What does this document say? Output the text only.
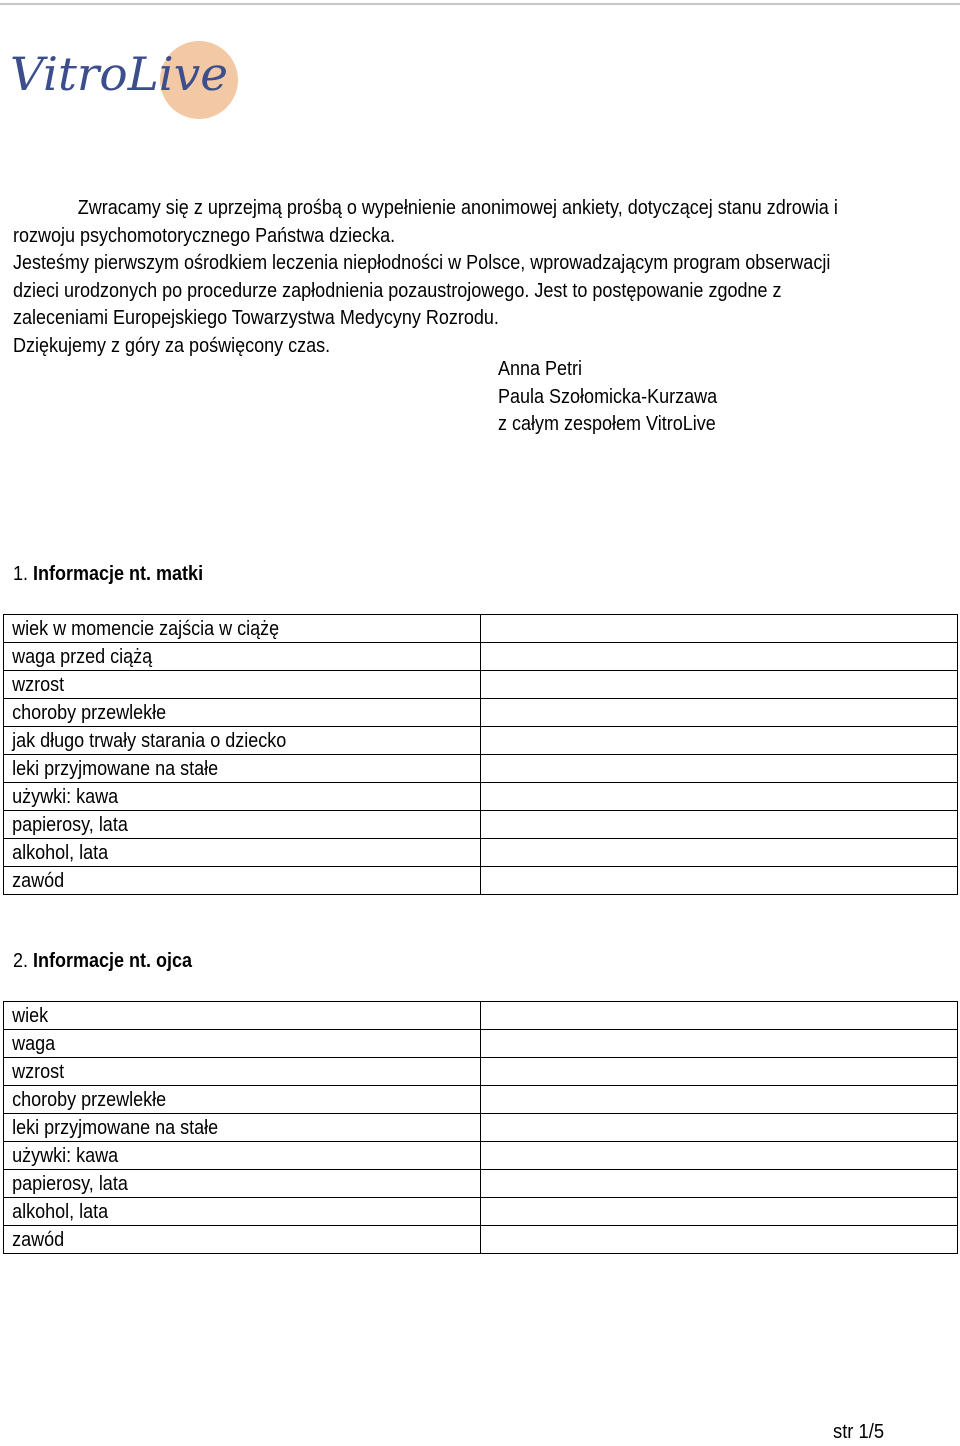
VitroLive

Zwracamy się z uprzejmą prośbą o wypełnienie anonimowej ankiety, dotyczącej stanu zdrowia i rozwoju psychomotorycznego Państwa dziecka.

Jesteśmy pierwszym ośrodkiem leczenia niepłodności w Polsce, wprowadzającym program obserwacji dzieci urodzonych po procedurze zapłodnienia pozaustrojowego. Jest to postępowanie zgodne z zaleceniami Europejskiego Towarzystwa Medycyny Rozrodu.

Dziękujemy z góry za poświęcony czas.

Anna Petri
Paula Szołomicka-Kurzawa
z całym zespołem VitroLive
1. Informacje nt. matki
wiek w momencie zajścia w ciążę	

waga przed ciążą	

wzrost	

choroby przewlekłe	

jak długo trwały starania o dziecko	

leki przyjmowane na stałe	

używki: kawa	

papierosy, lata	

alkohol, lata	

zawód	

2. Informacje nt. ojca
wiek	

waga	

wzrost	

choroby przewlekłe	

leki przyjmowane na stałe	

używki: kawa	

papierosy, lata	

alkohol, lata	

zawód	

str 1/5
